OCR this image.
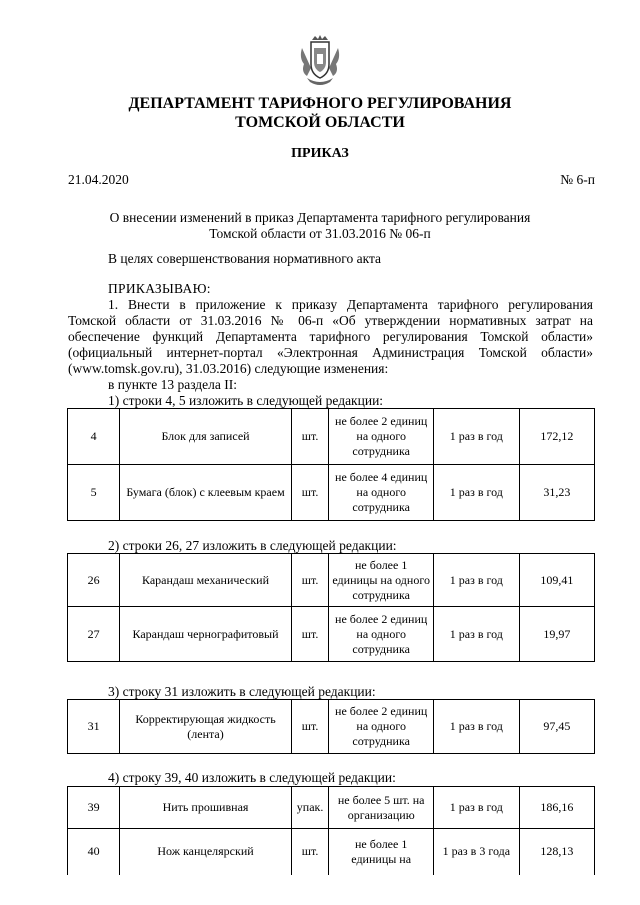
ДЕПАРТАМЕНТ ТАРИФНОГО РЕГУЛИРОВАНИЯ
ТОМСКОЙ ОБЛАСТИ
ПРИКАЗ
21.04.2020	№ 6-п
О внесении изменений в приказ Департамента тарифного регулирования
Томской области от 31.03.2016 № 06-п
В целях совершенствования нормативного акта
ПРИКАЗЫВАЮ:
1. Внести в приложение к приказу Департамента тарифного регулирования
Томской области от 31.03.2016 № 06-п «Об утверждении нормативных затрат на
обеспечение функций Департамента тарифного регулирования Томской области»
(официальный интернет-портал «Электронная Администрация Томской области»
(www.tomsk.gov.ru), 31.03.2016) следующие изменения:
в пункте 13 раздела II:
1) строки 4, 5 изложить в следующей редакции:
4	Блок для записей	шт.	не более 2 единиц на одного сотрудника	1 раз в год	172,12
5	Бумага (блок) с клеевым краем	шт.	не более 4 единиц на одного сотрудника	1 раз в год	31,23
2) строки 26, 27 изложить в следующей редакции:
26	Карандаш механический	шт.	не более 1 единицы на одного сотрудника	1 раз в год	109,41
27	Карандаш чернографитовый	шт.	не более 2 единиц на одного сотрудника	1 раз в год	19,97
3) строку 31 изложить в следующей редакции:
31	Корректирующая жидкость (лента)	шт.	не более 2 единиц на одного сотрудника	1 раз в год	97,45
4) строку 39, 40 изложить в следующей редакции:
39	Нить прошивная	упак.	не более 5 шт. на организацию	1 раз в год	186,16
40	Нож канцелярский	шт.	не более 1 единицы на	1 раз в 3 года	128,13
